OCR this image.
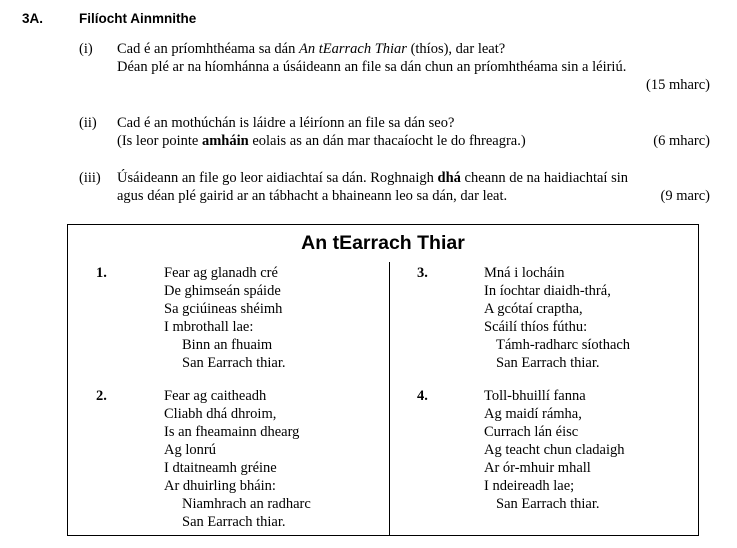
3A.	Filíocht Ainmnithe
(i) Cad é an príomhthéama sa dán An tEarrach Thiar (thíos), dar leat?
Déan plé ar na híomhánna a úsáideann an file sa dán chun an príomhthéama sin a léiriú.
(15 mharc)
(ii) Cad é an mothúchán is láidre a léiríonn an file sa dán seo?
(Is leor pointe amháin eolais as an dán mar thacaíocht le do fhreagra.)	(6 mharc)
(iii) Úsáideann an file go leor aidiachtaí sa dán. Roghnaigh dhá cheann de na haidiachtaí sin
agus déan plé gairid ar an tábhacht a bhaineann leo sa dán, dar leat.	(9 marc)
An tEarrach Thiar
1.	Fear ag glanadh cré
De ghimseán spáide
Sa gciúineas shéimh
I mbrothall lae:
Binn an fhuaim
San Earrach thiar.
2.	Fear ag caitheadh
Cliabh dhá dhroim,
Is an fheamainn dhearg
Ag lonrú
I dtaitneamh gréine
Ar dhuirling bháin:
Niamhrach an radharc
San Earrach thiar.
3.	Mná i locháin
In íochtar diaidh-thrá,
A gcótaí craptha,
Scáilí thíos fúthu:
Támh-radharc síothach
San Earrach thiar.
4.	Toll-bhuillí fanna
Ag maidí rámha,
Currach lán éisc
Ag teacht chun cladaigh
Ar ór-mhuir mhall
I ndeireadh lae;
San Earrach thiar.
